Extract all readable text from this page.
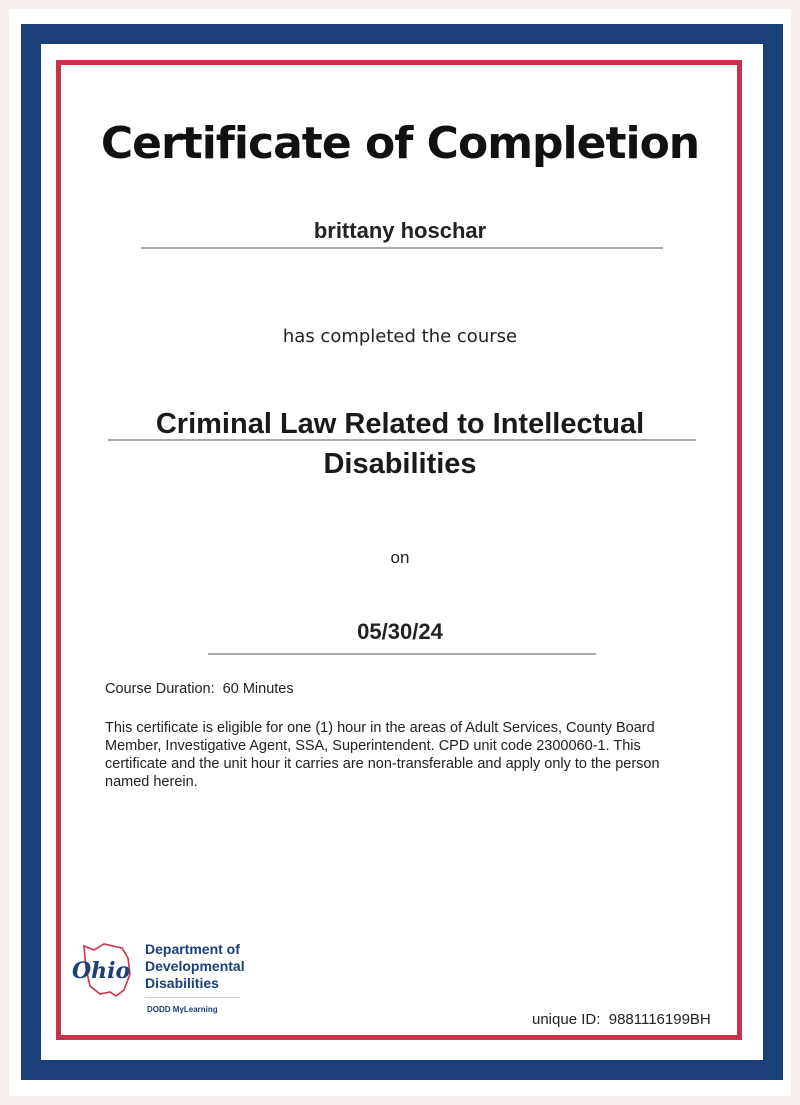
Certificate of Completion
brittany hoschar
has completed the course
Criminal Law Related to Intellectual
Disabilities
on
05/30/24
Course Duration: 60 Minutes
This certificate is eligible for one (1) hour in the areas of Adult Services, County Board Member, Investigative Agent, SSA, Superintendent. CPD unit code 2300060-1. This certificate and the unit hour it carries are non-transferable and apply only to the person named herein.
Ohio
Department of
Developmental
Disabilities
DODD MyLearning
unique ID: 9881116199BH
